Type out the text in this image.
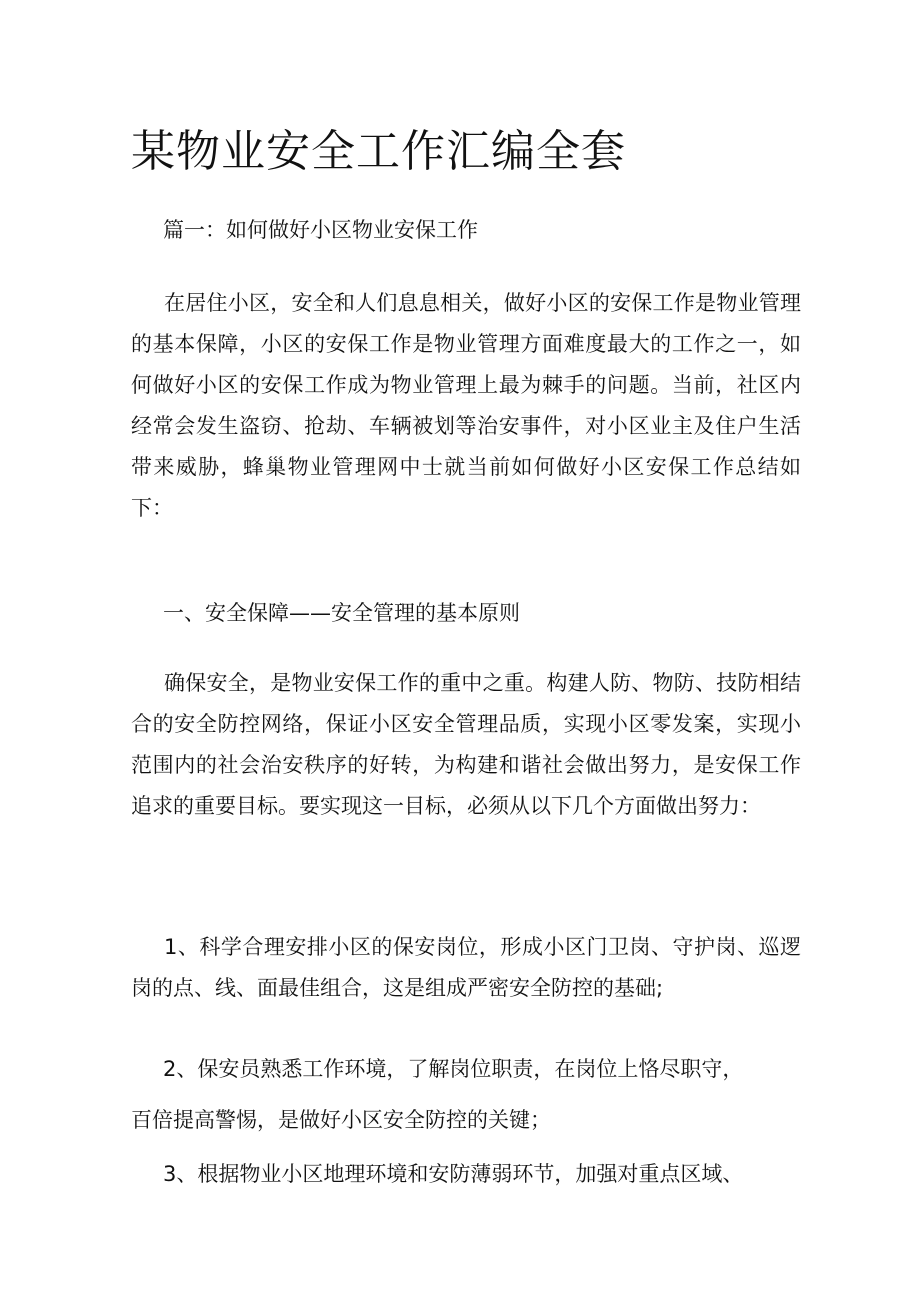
某物业安全工作汇编全套
篇一：如何做好小区物业安保工作

在居住小区，安全和人们息息相关，做好小区的安保工作是物业管理的基本保障，小区的安保工作是物业管理方面难度最大的工作之一，如何做好小区的安保工作成为物业管理上最为棘手的问题。当前，社区内经常会发生盗窃、抢劫、车辆被划等治安事件，对小区业主及住户生活带来威胁，蜂巢物业管理网中士就当前如何做好小区安保工作总结如下：

一、安全保障——安全管理的基本原则

确保安全，是物业安保工作的重中之重。构建人防、物防、技防相结合的安全防控网络，保证小区安全管理品质，实现小区零发案，实现小范围内的社会治安秩序的好转，为构建和谐社会做出努力，是安保工作追求的重要目标。要实现这一目标，必须从以下几个方面做出努力：

1、科学合理安排小区的保安岗位，形成小区门卫岗、守护岗、巡逻岗的点、线、面最佳组合，这是组成严密安全防控的基础;

2、保安员熟悉工作环境，了解岗位职责，在岗位上恪尽职守，
百倍提高警惕，是做好小区安全防控的关键；
3、根据物业小区地理环境和安防薄弱环节，加强对重点区域、
